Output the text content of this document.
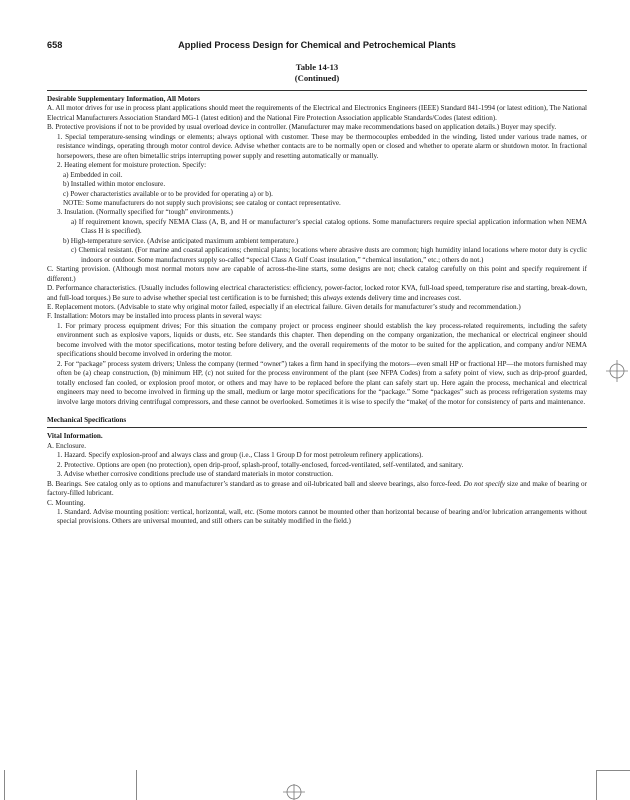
658	Applied Process Design for Chemical and Petrochemical Plants
Table 14-13
(Continued)

Desirable Supplementary Information, All Motors

A. All motor drives for use in process plant applications should meet the requirements of the Electrical and Electronics Engineers (IEEE) Standard 841-1994 (or latest edition), The National Electrical Manufacturers Association Standard MG-1 (latest edition) and the National Fire Protection Association applicable Standards/Codes (latest edition).

B. Protective provisions if not to be provided by usual overload device in controller. (Manufacturer may make recommendations based on application details.) Buyer may specify.

1. Special temperature-sensing windings or elements; always optional with customer. These may be thermocouples embedded in the winding, listed under various trade names, or resistance windings, operating through motor control device. Advise whether contacts are to be normally open or closed and whether to operate alarm or shutdown motor. In fractional horsepowers, these are often bimetallic strips interrupting power supply and resetting automatically or manually.

2. Heating element for moisture protection. Specify:

a) Embedded in coil.

b) Installed within motor enclosure.

c) Power characteristics available or to be provided for operating a) or b).

NOTE: Some manufacturers do not supply such provisions; see catalog or contact representative.

3. Insulation. (Normally specified for “tough” environments.)

a) If requirement known, specify NEMA Class (A, B, and H or manufacturer’s special catalog options. Some manufacturers require special application information when NEMA Class H is specified).

b) High-temperature service. (Advise anticipated maximum ambient temperature.)

c) Chemical resistant. (For marine and coastal applications; chemical plants; locations where abrasive dusts are common; high humidity inland locations where motor duty is cyclic indoors or outdoor. Some manufacturers supply so-called “special Class A Gulf Coast insulation,” “chemical insulation,” etc.; others do not.)

C. Starting provision. (Although most normal motors now are capable of across-the-line starts, some designs are not; check catalog carefully on this point and specify requirement if different.)

D. Performance characteristics. (Usually includes following electrical characteristics: efficiency, power-factor, locked rotor KVA, full-load speed, temperature rise and starting, break-down, and full-load torques.) Be sure to advise whether special test certification is to be furnished; this always extends delivery time and increases cost.

E. Replacement motors. (Advisable to state why original motor failed, especially if an electrical failure. Given details for manufacturer’s study and recommendation.)

F. Installation: Motors may be installed into process plants in several ways:

1. For primary process equipment drives; For this situation the company project or process engineer should establish the key process-related requirements, including the safety environment such as explosive vapors, liquids or dusts, etc. See standards this chapter. Then depending on the company organization, the mechanical or electrical engineer should become involved with the motor specifications, motor testing before delivery, and the overall requirements of the motor to be suited for the application, and company and/or NEMA specifications should become involved in ordering the motor.

2. For “package” process system drivers; Unless the company (termed “owner”) takes a firm hand in specifying the motors—even small HP or fractional HP—the motors furnished may often be (a) cheap construction, (b) minimum HP, (c) not suited for the process environment of the plant (see NFPA Codes) from a safety point of view, such as drip-proof guarded, totally enclosed fan cooled, or explosion proof motor, or others and may have to be replaced before the plant can safely start up. Here again the process, mechanical and electrical engineers may need to become involved in firming up the small, medium or large motor specifications for the “package.” Some “packages” such as process refrigeration systems may involve large motors driving centrifugal compressors, and these cannot be overlooked. Sometimes it is wise to specify the “make( of the motor for consistency of parts and maintenance.

Mechanical Specifications

Vital Information.

A. Enclosure.

1. Hazard. Specify explosion-proof and always class and group (i.e., Class 1 Group D for most petroleum refinery applications).

2. Protective. Options are open (no protection), open drip-proof, splash-proof, totally-enclosed, forced-ventilated, self-ventilated, and sanitary.

3. Advise whether corrosive conditions preclude use of standard materials in motor construction.

B. Bearings. See catalog only as to options and manufacturer’s standard as to grease and oil-lubricated ball and sleeve bearings, also force-feed. Do not specify size and make of bearing or factory-filled lubricant.

C. Mounting.

1. Standard. Advise mounting position: vertical, horizontal, wall, etc. (Some motors cannot be mounted other than horizontal because of bearing and/or lubrication arrangements without special provisions. Others are universal mounted, and still others can be suitably modified in the field.)
